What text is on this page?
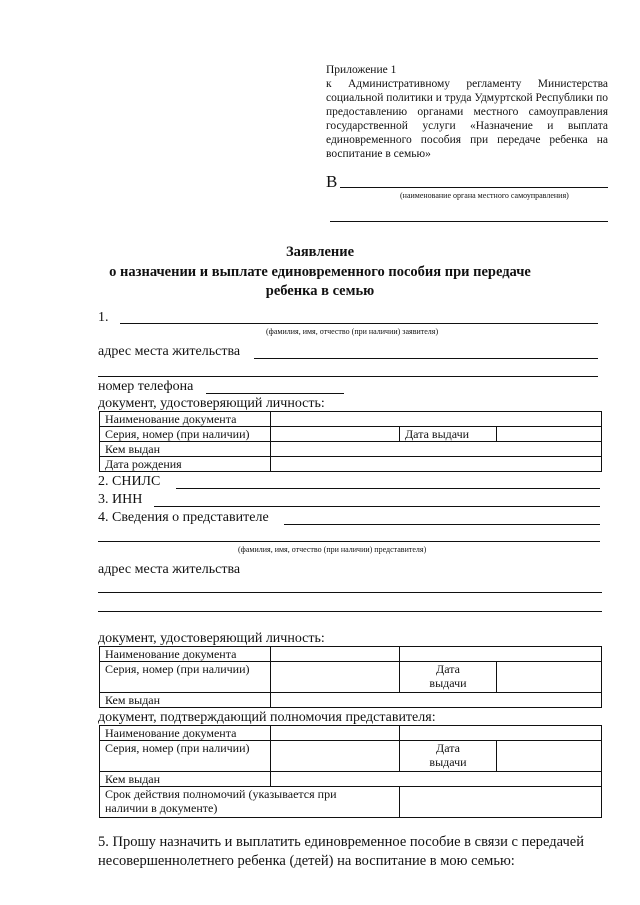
Приложение 1
к Административному регламенту Министерства социальной политики и труда Удмуртской Республики по предоставлению органами местного самоуправления государственной услуги «Назначение и выплата единовременного пособия при передаче ребенка на воспитание в семью»
В
(наименование органа местного самоуправления)
Заявление
о назначении и выплате единовременного пособия при передаче
ребенка в семью
1.
(фамилия, имя, отчество (при наличии) заявителя)
адрес места жительства
номер телефона
документ, удостоверяющий личность:
Наименование документа			
Серия, номер (при наличии)		Дата выдачи	
Кем выдан			
Дата рождения			
2. СНИЛС
3. ИНН
4. Сведения о представителе
(фамилия, имя, отчество (при наличии) представителя)
адрес места жительства
документ, удостоверяющий личность:
Наименование документа			
Серия, номер (при наличии)		Дата
выдачи	

Кем выдан			
документ, подтверждающий полномочия представителя:
Наименование документа			
Серия, номер (при наличии)		Дата
выдачи	

Кем выдан			

Срок действия полномочий (указывается при
наличии в документе)			

5. Прошу назначить и выплатить единовременное пособие в связи с передачей
несовершеннолетнего ребенка (детей) на воспитание в мою семью:
